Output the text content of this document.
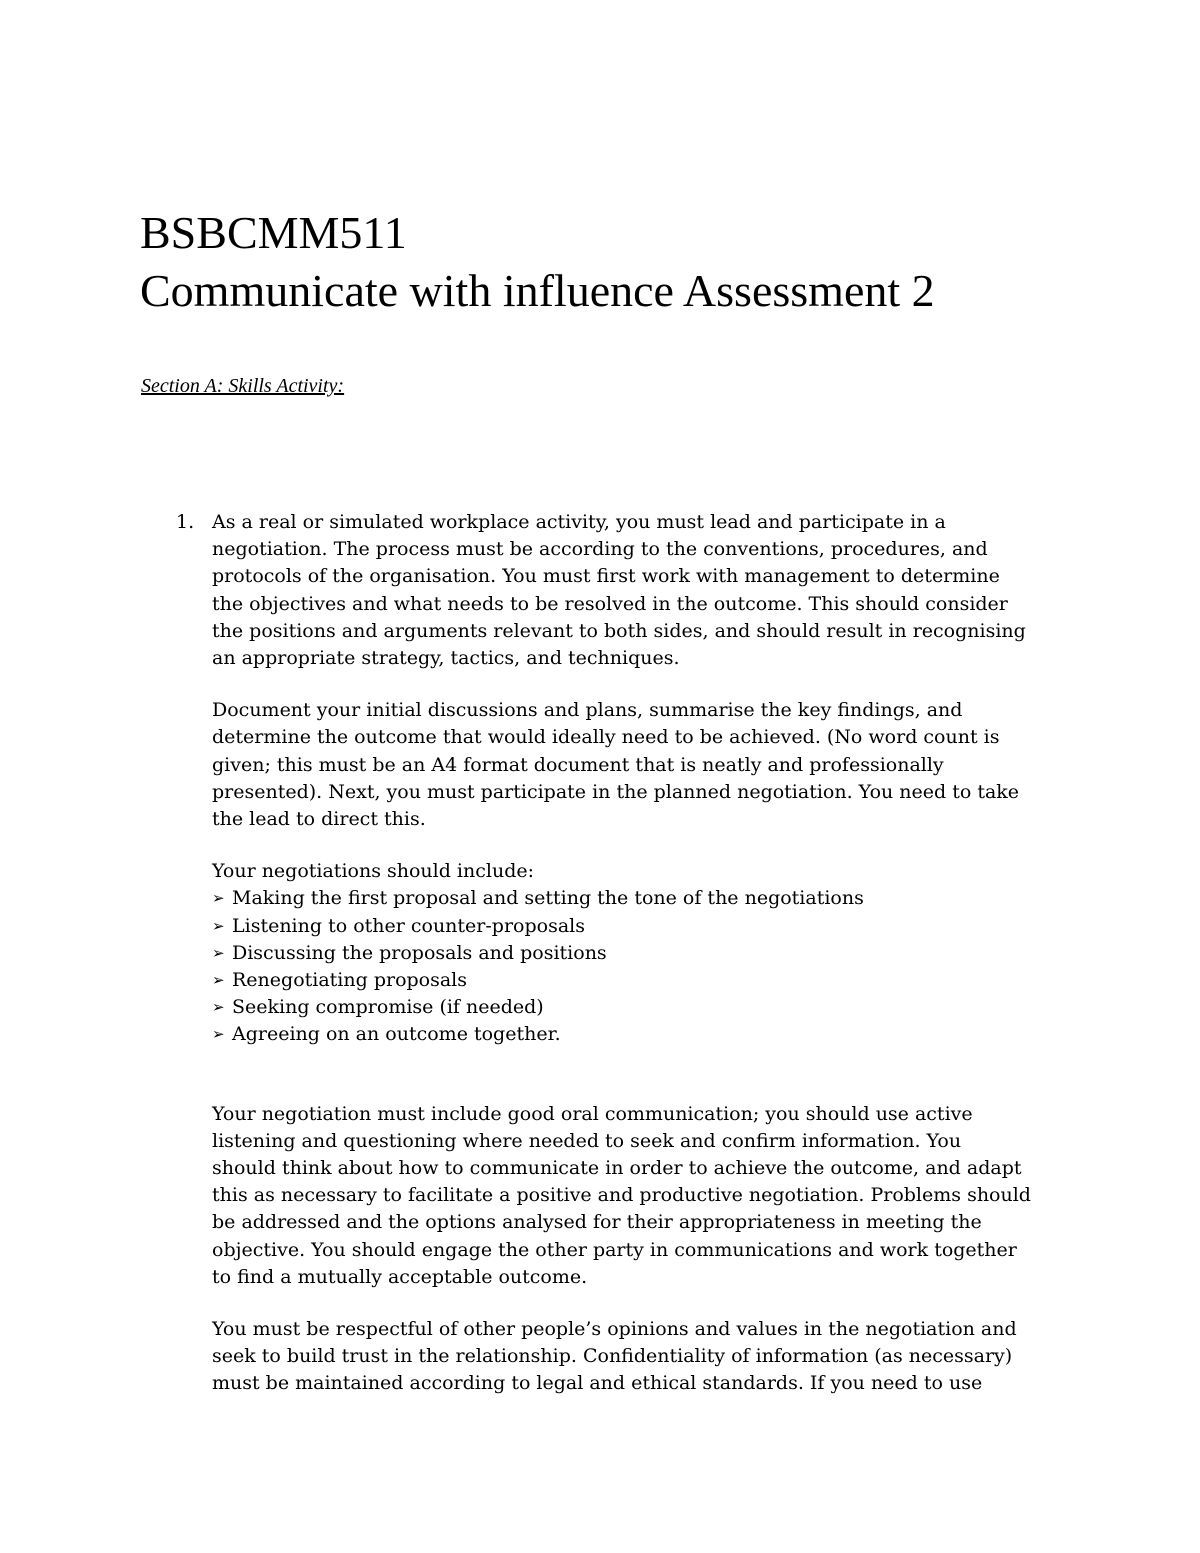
BSBCMM511
Communicate with influence Assessment 2
Section A: Skills Activity:
1. As a real or simulated workplace activity, you must lead and participate in a
negotiation. The process must be according to the conventions, procedures, and
protocols of the organisation. You must first work with management to determine
the objectives and what needs to be resolved in the outcome. This should consider
the positions and arguments relevant to both sides, and should result in recognising
an appropriate strategy, tactics, and techniques.
Document your initial discussions and plans, summarise the key findings, and
determine the outcome that would ideally need to be achieved. (No word count is
given; this must be an A4 format document that is neatly and professionally
presented). Next, you must participate in the planned negotiation. You need to take
the lead to direct this.
Your negotiations should include:
➢ Making the first proposal and setting the tone of the negotiations
➢ Listening to other counter-proposals
➢ Discussing the proposals and positions
➢ Renegotiating proposals
➢ Seeking compromise (if needed)
➢ Agreeing on an outcome together.
Your negotiation must include good oral communication; you should use active
listening and questioning where needed to seek and confirm information. You
should think about how to communicate in order to achieve the outcome, and adapt
this as necessary to facilitate a positive and productive negotiation. Problems should
be addressed and the options analysed for their appropriateness in meeting the
objective. You should engage the other party in communications and work together
to find a mutually acceptable outcome.
You must be respectful of other people’s opinions and values in the negotiation and
seek to build trust in the relationship. Confidentiality of information (as necessary)
must be maintained according to legal and ethical standards. If you need to use
